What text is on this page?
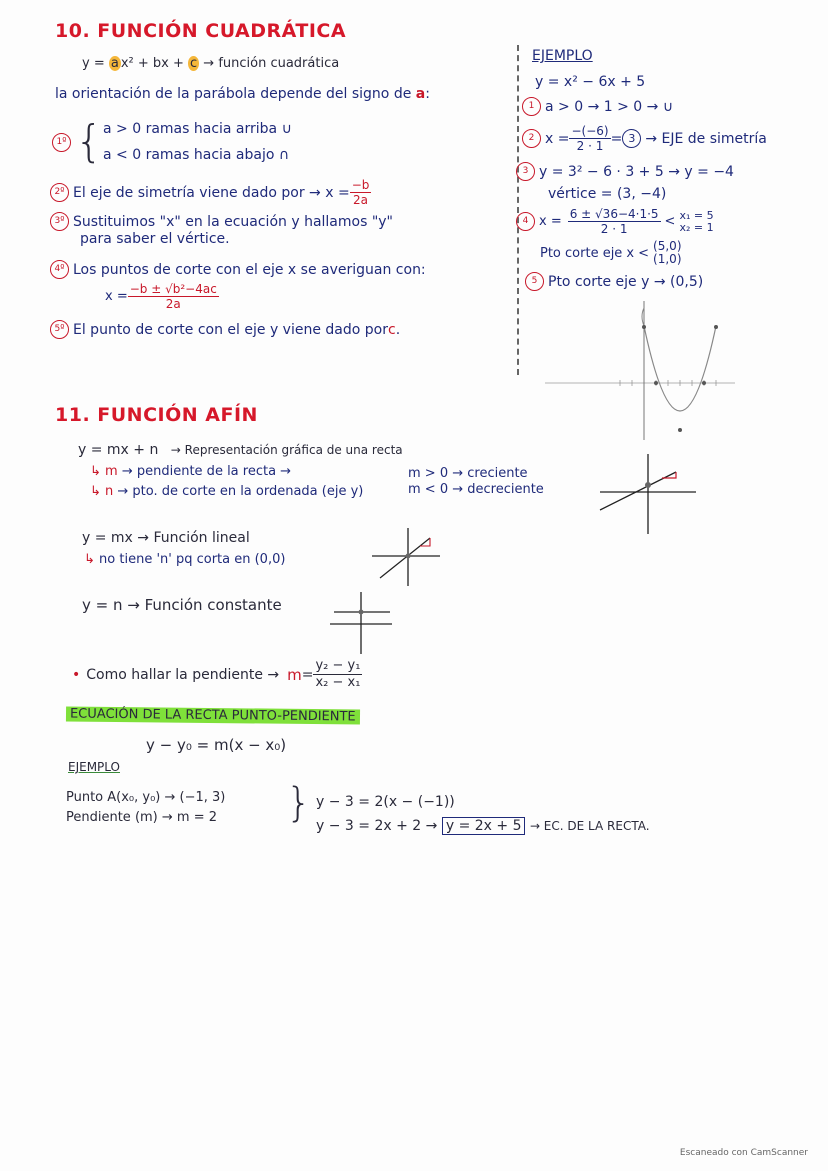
10. FUNCIÓN CUADRÁTICA
y = a x² + bx + c → función cuadrática
la orientación de la parábola depende del signo de a:
1º { a > 0 ramas hacia arriba ∪
a < 0 ramas hacia abajo ∩
2º El eje de simetría viene dado por → $x = \frac{-b}{2a}$
3º Sustituimos "x" en la ecuación y hallamos "y"
para saber el vértice.
4º Los puntos de corte con el eje x se averiguan con:
$x = \frac{\text{−b ± √b²−4ac}}{2a}$
5º El punto de corte con el eje y viene dado por c .
EJEMPLO
y = x² − 6x + 5
1 a > 0 → 1 > 0 → ∪
2 $x = \frac{-(-6)}{2 \cdot 1} = 3$ → EJE de simetría
3 y = 3² − 6 · 3 + 5 → y = −4
vértice = (3, −4)
4 $x = \frac{6 \pm √36-4\cdot 1\cdot 5}{2 \cdot 1} < x_1 = 5$
x₂ = 1
Pto corte eje x < (5,0)
(1,0)
5 Pto corte eje y → (0,5)
11. FUNCIÓN AFÍN
y = mx + n → Representación gráfica de una recta
↳ m → pendiente de la recta →	m > 0 → creciente
m < 0 → decreciente
↳ n → pto. de corte en la ordenada (eje y)
y = mx → Función lineal
↳ no tiene 'n' pq corta en (0,0)
y = n → Función constante
• Como hallar la pendiente → $m = \frac{\text{y₂ − y₁}}{\text{x₂ − x₁}}$
ECUACIÓN DE LA RECTA PUNTO-PENDIENTE
y − y₀ = m(x − x₀)
EJEMPLO
Punto A(x₀, y₀) → (−1, 3)
Pendiente (m) → m = 2 } y − 3 = 2(x − (−1))
y − 3 = 2x + 2 → y = 2x + 5 → EC. DE LA RECTA.
Escaneado con CamScanner
